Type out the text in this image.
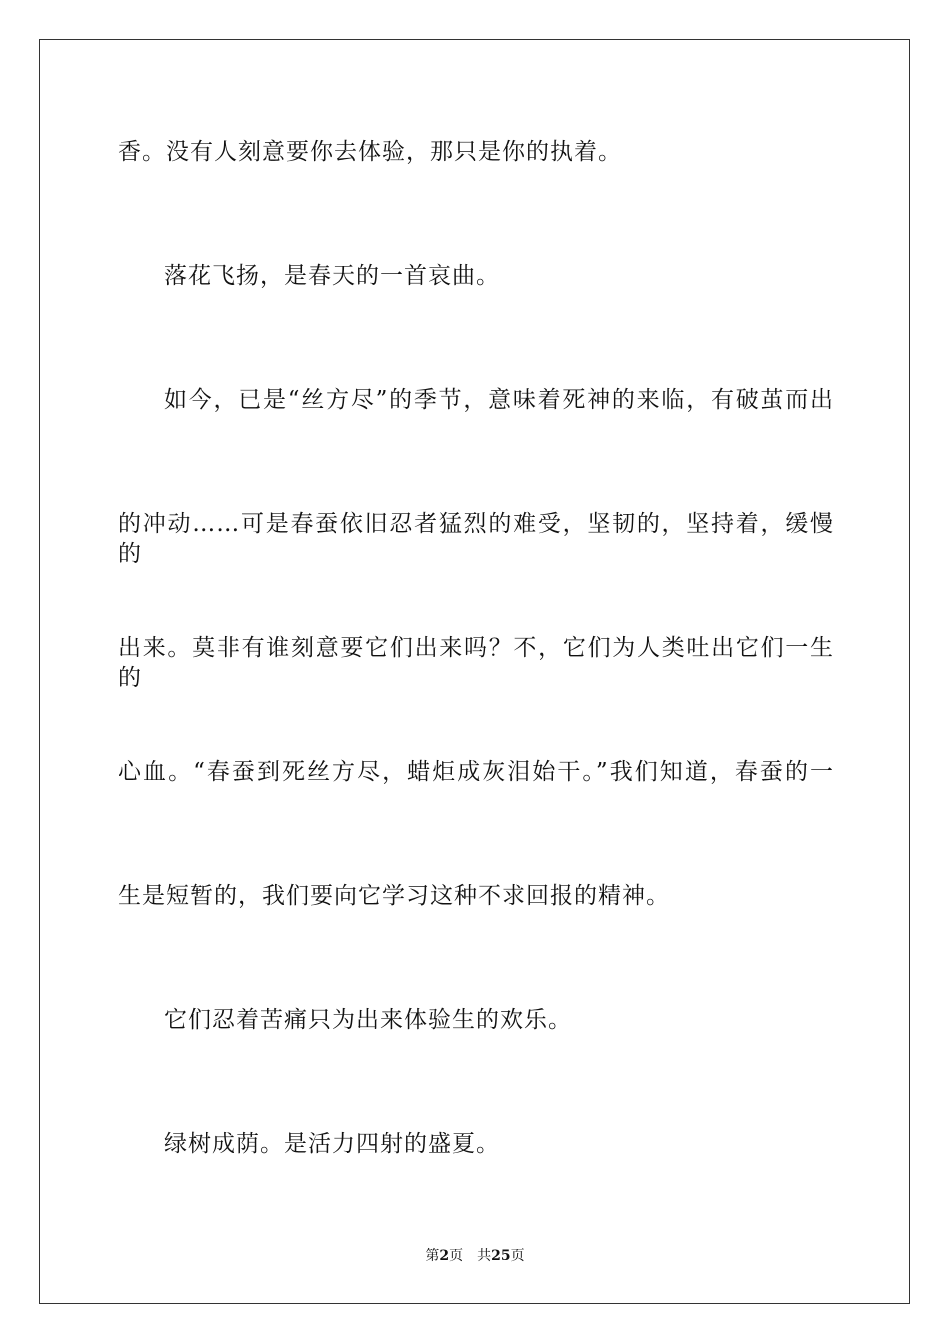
香。没有人刻意要你去体验，那只是你的执着。
落花飞扬，是春天的一首哀曲。
如今，已是“丝方尽”的季节，意味着死神的来临，有破茧而出
的冲动……可是春蚕依旧忍者猛烈的难受，坚韧的，坚持着，缓慢的
出来。莫非有谁刻意要它们出来吗？不，它们为人类吐出它们一生的
心血。“春蚕到死丝方尽，蜡炬成灰泪始干。”我们知道，春蚕的一
生是短暂的，我们要向它学习这种不求回报的精神。
它们忍着苦痛只为出来体验生的欢乐。
绿树成荫。是活力四射的盛夏。
第2页 共25页
